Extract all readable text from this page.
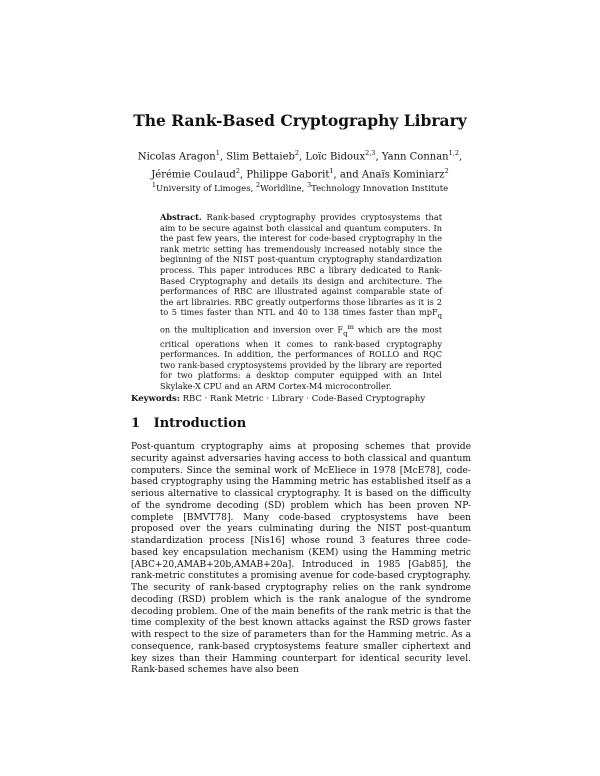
The Rank-Based Cryptography Library
Nicolas Aragon$^1$, Slim Bettaieb$^2$, Loïc Bidoux$^{2,3}$, Yann Connan$^{1,2}$,
Jérémie Coulaud$^2$, Philippe Gaborit$^1$, and Anaïs Kominiarz$^2$
$^1$University of Limoges, $^2$Worldline, $^3$Technology Innovation Institute
Abstract. Rank-based cryptography provides cryptosystems that aim to be secure against both classical and quantum computers. In the past few years, the interest for code-based cryptography in the rank metric setting has tremendously increased notably since the beginning of the NIST post-quantum cryptography standardization process. This paper introduces RBC a library dedicated to Rank-Based Cryptography and details its design and architecture. The performances of RBC are illustrated against comparable state of the art librairies. RBC greatly outperforms those libraries as it is 2 to 5 times faster than NTL and 40 to 138 times faster than mpF$_q$ on the multiplication and inversion over $F_q^m$ which are the most critical operations when it comes to rank-based cryptography performances. In addition, the performances of ROLLO and RQC two rank-based cryptosystems provided by the library are reported for two platforms: a desktop computer equipped with an Intel Skylake-X CPU and an ARM Cortex-M4 microcontroller.
Keywords: RBC · Rank Metric · Library · Code-Based Cryptography
1 Introduction
Post-quantum cryptography aims at proposing schemes that provide security against adversaries having access to both classical and quantum computers. Since the seminal work of McEliece in 1978 [McE78], code-based cryptography using the Hamming metric has established itself as a serious alternative to classical cryptography. It is based on the difficulty of the syndrome decoding (SD) problem which has been proven NP-complete [BMVT78]. Many code-based cryptosystems have been proposed over the years culminating during the NIST post-quantum standardization process [Nis16] whose round 3 features three code-based key encapsulation mechanism (KEM) using the Hamming metric [ABC+20,AMAB+20b,AMAB+20a]. Introduced in 1985 [Gab85], the rank-metric constitutes a promising avenue for code-based cryptography. The security of rank-based cryptography relies on the rank syndrome decoding (RSD) problem which is the rank analogue of the syndrome decoding problem. One of the main benefits of the rank metric is that the time complexity of the best known attacks against the RSD grows faster with respect to the size of parameters than for the Hamming metric. As a consequence, rank-based cryptosystems feature smaller ciphertext and key sizes than their Hamming counterpart for identical security level. Rank-based schemes have also been
